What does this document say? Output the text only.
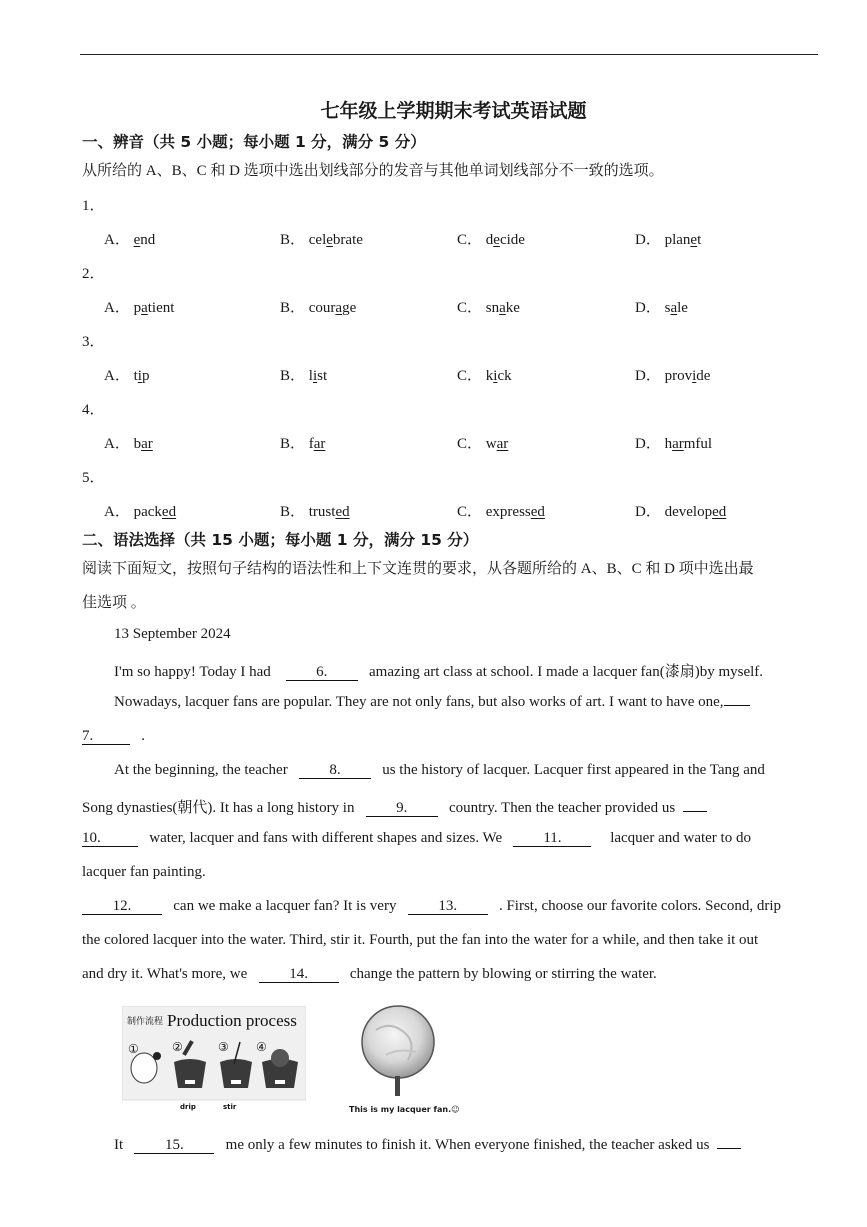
七年级上学期期末考试英语试题
一、辨音（共 5 小题；每小题 1 分，满分 5 分）
从所给的 A、B、C 和 D 选项中选出划线部分的发音与其他单词划线部分不一致的选项。
1．
A． end	B． celebrate	C． decide	D． planet
2．
A． patient	B． courage	C． snake	D． sale
3．
A． tip	B． list	C． kick	D． provide
4．
A． bar	B． far	C． war	D． harmful
5．
A． packed	B． trusted	C． expressed	D． developed
二、语法选择（共 15 小题；每小题 1 分，满分 15 分）
阅读下面短文，按照句子结构的语法性和上下文连贯的要求，从各题所给的 A、B、C 和 D 项中选出最
佳选项 。
13 September 2024
I'm so happy! Today I had	6.	amazing art class at school. I made a lacquer fan(漆扇)by myself.
Nowadays, lacquer fans are popular. They are not only fans, but also works of art. I want to have one,
7.	.
At the beginning, the teacher	8.	us the history of lacquer. Lacquer first appeared in the Tang and
Song dynasties(朝代). It has a long history in	9.	country. Then the teacher provided us
10.	water, lacquer and fans with different shapes and sizes. We	11.	lacquer and water to do
lacquer fan painting.
12.	can we make a lacquer fan? It is very	13.	. First, choose our favorite colors. Second, drip
the colored lacquer into the water. Third, stir it. Fourth, put the fan into the water for a while, and then take it out
and dry it. What's more, we	14.	change the pattern by blowing or stirring the water.
制作流程 Production process
①	②	③ ④
drip	stir	This is my lacquer fan.☺
It	15.	me only a few minutes to finish it. When everyone finished, the teacher asked us
